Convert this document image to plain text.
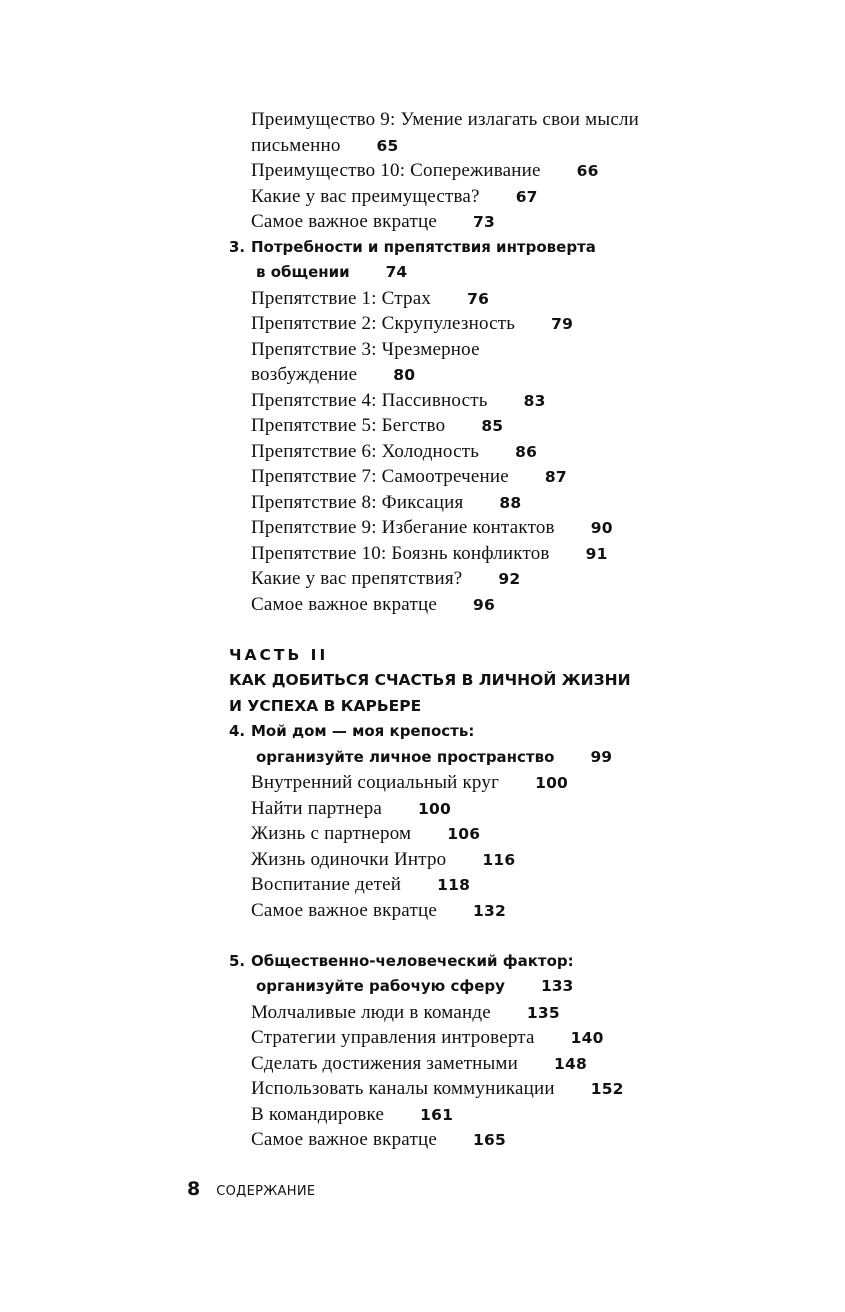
Преимущество 9: Умение излагать свои мысли
письменно 65
Преимущество 10: Сопереживание 66
Какие у вас преимущества? 67
Самое важное вкратце 73
3. Потребности и препятствия интроверта
в общении 74
Препятствие 1: Страх 76
Препятствие 2: Скрупулезность 79
Препятствие 3: Чрезмерное
возбуждение 80
Препятствие 4: Пассивность 83
Препятствие 5: Бегство 85
Препятствие 6: Холодность 86
Препятствие 7: Самоотречение 87
Препятствие 8: Фиксация 88
Препятствие 9: Избегание контактов 90
Препятствие 10: Боязнь конфликтов 91
Какие у вас препятствия? 92
Самое важное вкратце 96
ЧАСТЬ II
КАК ДОБИТЬСЯ СЧАСТЬЯ В ЛИЧНОЙ ЖИЗНИ
И УСПЕХА В КАРЬЕРЕ
4. Мой дом — моя крепость:
организуйте личное пространство 99
Внутренний социальный круг 100
Найти партнера 100
Жизнь с партнером 106
Жизнь одиночки Интро 116
Воспитание детей 118
Самое важное вкратце 132
5. Общественно-человеческий фактор:
организуйте рабочую сферу 133
Молчаливые люди в команде 135
Стратегии управления интроверта 140
Сделать достижения заметными 148
Использовать каналы коммуникации 152
В командировке 161
Самое важное вкратце 165
8 СОДЕРЖАНИЕ
